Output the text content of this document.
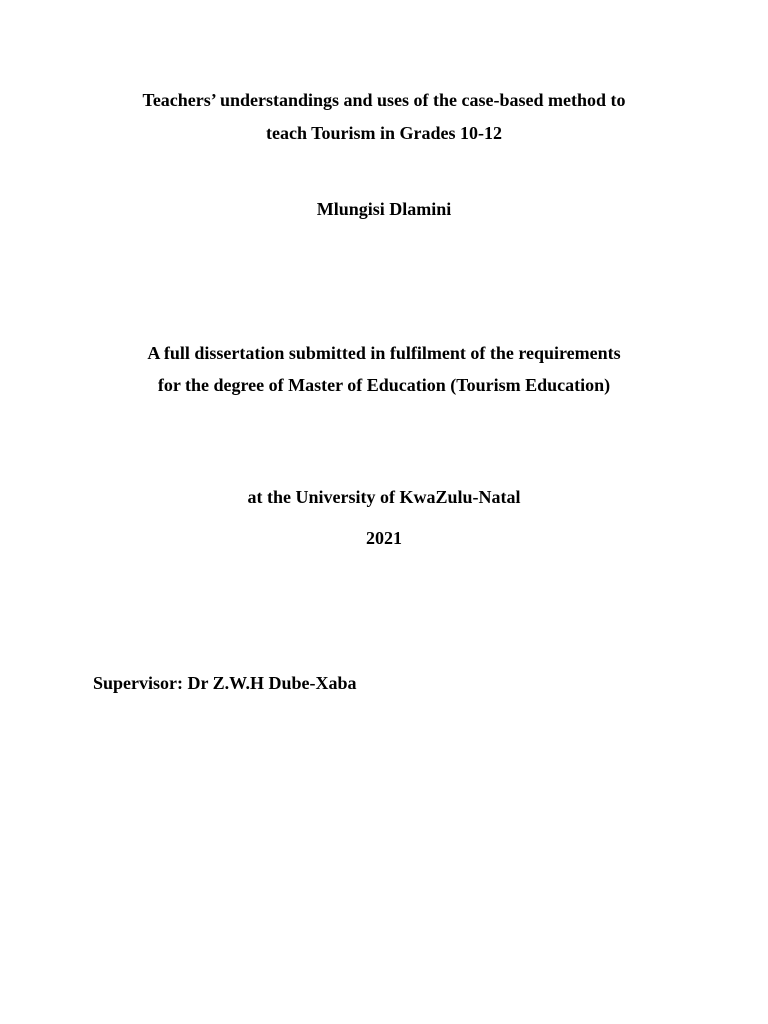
Teachers’ understandings and uses of the case-based method to
teach Tourism in Grades 10-12
Mlungisi Dlamini
A full dissertation submitted in fulfilment of the requirements
for the degree of Master of Education (Tourism Education)
at the University of KwaZulu-Natal
2021
Supervisor: Dr Z.W.H Dube-Xaba
